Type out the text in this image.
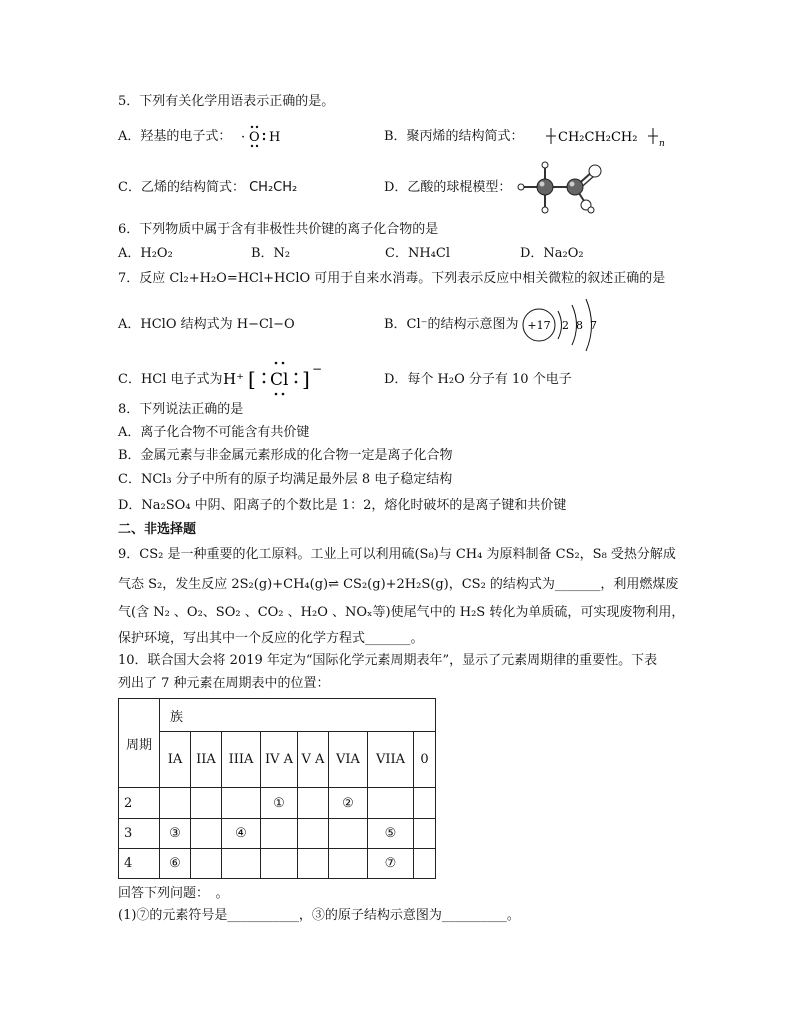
5．下列有关化学用语表示正确的是。
A．羟基的电子式： · O H	B．聚丙烯的结构简式：	CH₂CH₂CH₂ n
C．乙烯的结构简式： CH₂CH₂	D．乙酸的球棍模型：
6．下列物质中属于含有非极性共价键的离子化合物的是
A．H₂O₂	B．N₂	C．NH₄Cl	D．Na₂O₂
7．反应 Cl₂+H₂O=HCl+HClO 可用于自来水消毒。下列表示反应中相关微粒的叙述正确的是
A．HClO 结构式为 H−Cl−O	B．Cl⁻的结构示意图为 +17 2 8 7
C．HCl 电子式为 H⁺ [ Cl ] −
D．每个 H₂O 分子有 10 个电子
8．下列说法正确的是
A．离子化合物不可能含有共价键
B．金属元素与非金属元素形成的化合物一定是离子化合物
C．NCl₃ 分子中所有的原子均满足最外层 8 电子稳定结构
D．Na₂SO₄ 中阴、阳离子的个数比是 1：2，熔化时破坏的是离子键和共价键
二、非选择题
9．CS₂ 是一种重要的化工原料。工业上可以利用硫(S₈)与 CH₄ 为原料制备 CS₂，S₈ 受热分解成
气态 S₂，发生反应 2S₂(g)+CH₄(g)⇌ CS₂(g)+2H₂S(g)，CS₂ 的结构式为_______，利用燃煤废
气(含 N₂ 、O₂、SO₂ 、CO₂ 、H₂O 、NOₓ等)使尾气中的 H₂S 转化为单质硫，可实现废物利用，
保护环境，写出其中一个反应的化学方程式_______。
10．联合国大会将 2019 年定为“国际化学元素周期表年”，显示了元素周期律的重要性。下表
列出了 7 种元素在周期表中的位置：
周期	族							
	IA	IIA	IIIA	IV A	V A	VIA	VIIA	0
2				①		②		
3	③		④				⑤	
4	⑥						⑦	
回答下列问题：　。
(1)⑦的元素符号是___________，③的原子结构示意图为__________。
